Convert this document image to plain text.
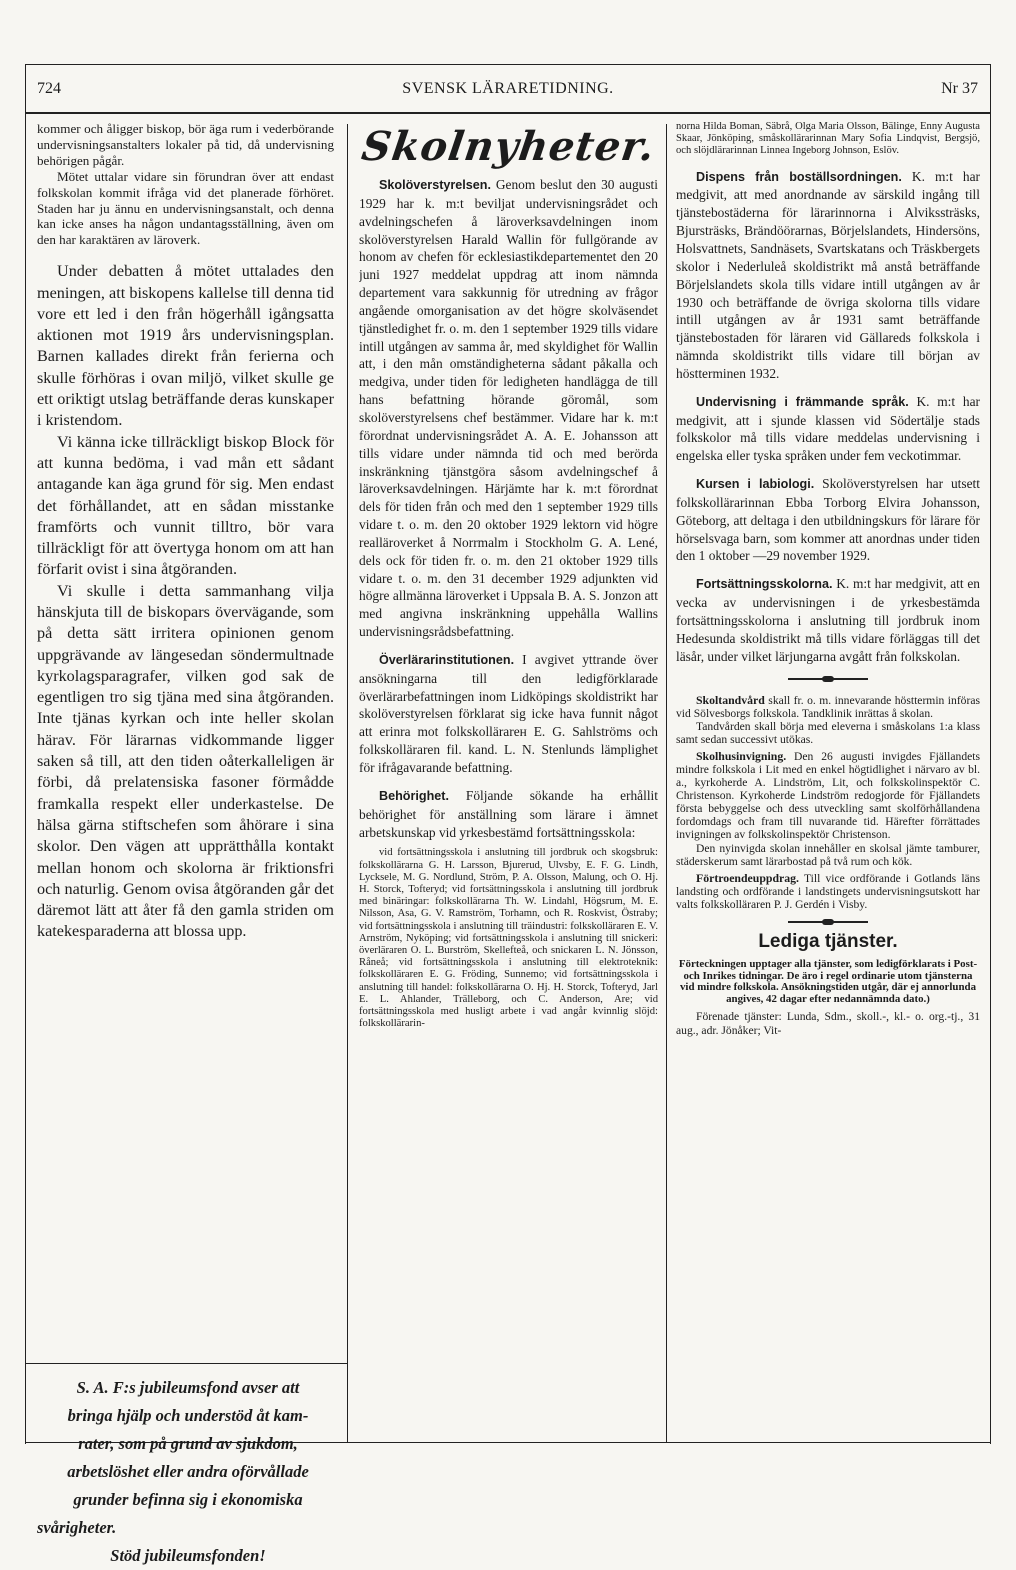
724	SVENSK LÄRARETIDNING.	Nr 37

kommer och åligger biskop, bör äga rum i vederbörande undervisningsanstalters lokaler på tid, då undervisning behörigen pågår.

Mötet uttalar vidare sin förundran över att endast folkskolan kommit ifråga vid det planerade förhöret. Staden har ju ännu en undervisningsanstalt, och denna kan icke anses ha någon undantagsställning, även om den har karaktären av läroverk.

Under debatten å mötet uttalades den meningen, att biskopens kallelse till denna tid vore ett led i den från högerhåll igångsatta aktionen mot 1919 års undervisningsplan. Barnen kallades direkt från ferierna och skulle förhöras i ovan miljö, vilket skulle ge ett oriktigt utslag beträffande deras kunskaper i kristendom.

Vi känna icke tillräckligt biskop Block för att kunna bedöma, i vad mån ett sådant antagande kan äga grund för sig. Men endast det förhållandet, att en sådan misstanke framförts och vunnit tilltro, bör vara tillräckligt för att övertyga honom om att han förfarit ovist i sina åtgöranden.

Vi skulle i detta sammanhang vilja hänskjuta till de biskopars övervägande, som på detta sätt irritera opinionen genom uppgrävande av längesedan söndermultnade kyrkolagsparagrafer, vilken god sak de egentligen tro sig tjäna med sina åtgöranden. Inte tjänas kyrkan och inte heller skolan härav. För lärarnas vidkommande ligger saken så till, att den tiden oåterkalleligen är förbi, då prelatensiska fasoner förmådde framkalla respekt eller underkastelse. De hälsa gärna stiftschefen som åhörare i sina skolor. Den vägen att upprätthålla kontakt mellan honom och skolorna är friktionsfri och naturlig. Genom ovisa åtgöranden går det däremot lätt att åter få den gamla striden om katekesparaderna att blossa upp.

S. A. F:s jubileumsfond avser att
bringa hjälp och understöd åt kam-
rater, som på grund av sjukdom,
arbetslöshet eller andra oförvållade
grunder befinna sig i ekonomiska
svårigheter.
Stöd jubileumsfonden!
Skolnyheter.

Skolöverstyrelsen. Genom beslut den 30 augusti 1929 har k. m:t beviljat undervisningsrådet och avdelningschefen å läroverksavdelningen inom skolöverstyrelsen Harald Wallin för fullgörande av honom av chefen för ecklesiastikdepartementet den 20 juni 1927 meddelat uppdrag att inom nämnda departement vara sakkunnig för utredning av frågor angående omorganisation av det högre skolväsendet tjänstledighet fr. o. m. den 1 september 1929 tills vidare intill utgången av samma år, med skyldighet för Wallin att, i den mån omständigheterna sådant påkalla och medgiva, under tiden för ledigheten handlägga de till hans befattning hörande göromål, som skolöverstyrelsens chef bestämmer. Vidare har k. m:t förordnat undervisningsrådet A. A. E. Johansson att tills vidare under nämnda tid och med berörda inskränkning tjänstgöra såsom avdelningschef å läroverksavdelningen. Härjämte har k. m:t förordnat dels för tiden från och med den 1 september 1929 tills vidare t. o. m. den 20 oktober 1929 lektorn vid högre realläroverket å Norrmalm i Stockholm G. A. Lené, dels ock för tiden fr. o. m. den 21 oktober 1929 tills vidare t. o. m. den 31 december 1929 adjunkten vid högre allmänna läroverket i Uppsala B. A. S. Jonzon att med angivna inskränkning uppehålla Wallins undervisningsrådsbefattning.

Överlärarinstitutionen. I avgivet yttrande över ansökningarna till den ledigförklarade överlärarbefattningen inom Lidköpings skoldistrikt har skolöverstyrelsen förklarat sig icke hava funnit något att erinra mot folkskollärarен E. G. Sahlströms och folkskolläraren fil. kand. L. N. Stenlunds lämplighet för ifrågavarande befattning.

Behörighet. Följande sökande ha erhållit behörighet för anställning som lärare i ämnet arbetskunskap vid yrkesbestämd fortsättningsskola:

vid fortsättningsskola i anslutning till jordbruk och skogsbruk: folkskollärarna G. H. Larsson, Bjurerud, Ulvsby, E. F. G. Lindh, Lycksele, M. G. Nordlund, Ström, P. A. Olsson, Malung, och O. Hj. H. Storck, Tofteryd; vid fortsättningsskola i anslutning till jordbruk med binäringar: folkskollärarna Th. W. Lindahl, Högsrum, M. E. Nilsson, Asa, G. V. Ramström, Torhamn, och R. Roskvist, Östraby; vid fortsättningsskola i anslutning till träindustri: folkskolläraren E. V. Arnström, Nyköping; vid fortsättningsskola i anslutning till snickeri: överläraren O. L. Burström, Skellefteå, och snickaren L. N. Jönsson, Råneå; vid fortsättningsskola i anslutning till elektroteknik: folkskolläraren E. G. Fröding, Sunnemo; vid fortsättningsskola i anslutning till handel: folkskollärarna O. Hj. H. Storck, Tofteryd, Jarl E. L. Ahlander, Trälleborg, och C. Anderson, Are; vid fortsättningsskola med husligt arbete i vad angår kvinnlig slöjd: folkskollärarin-

norna Hilda Boman, Säbrå, Olga Maria Olsson, Bälinge, Enny Augusta Skaar, Jönköping, småskollärarinnan Mary Sofia Lindqvist, Bergsjö, och slöjdlärarinnan Linnea Ingeborg Johnson, Eslöv.

Dispens från boställsordningen. K. m:t har medgivit, att med anordnande av särskild ingång till tjänstebostäderna för lärarinnorna i Alvikssträsks, Bjursträsks, Brändöörarnas, Börjelslandets, Hindersöns, Holsvattnets, Sandnäsets, Svartskatans och Träskbergets skolor i Nederluleå skoldistrikt må anstå beträffande Börjelslandets skola tills vidare intill utgången av år 1930 och beträffande de övriga skolorna tills vidare intill utgången av år 1931 samt beträffande tjänstebostaden för läraren vid Gällareds folkskola i nämnda skoldistrikt tills vidare till början av höstterminen 1932.

Undervisning i främmande språk. K. m:t har medgivit, att i sjunde klassen vid Södertälje stads folkskolor må tills vidare meddelas undervisning i engelska eller tyska språken under fem veckotimmar.

Kursen i labiologi. Skolöverstyrelsen har utsett folkskollärarinnan Ebba Torborg Elvira Johansson, Göteborg, att deltaga i den utbildningskurs för lärare för hörselsvaga barn, som kommer att anordnas under tiden den 1 oktober —29 november 1929.

Fortsättningsskolorna. K. m:t har medgivit, att en vecka av undervisningen i de yrkesbestämda fortsättningsskolorna i anslutning till jordbruk inom Hedesunda skoldistrikt må tills vidare förläggas till det läsår, under vilket lärjungarna avgått från folkskolan.

Skoltandvård skall fr. o. m. innevarande hösttermin införas vid Sölvesborgs folkskola. Tandklinik inrättas å skolan.

Tandvården skall börja med eleverna i småskolans 1:a klass samt sedan successivt utökas.

Skolhusinvigning. Den 26 augusti invigdes Fjällandets mindre folkskola i Lit med en enkel högtidlighet i närvaro av bl. a., kyrkoherde A. Lindström, Lit, och folkskolinspektör C. Christenson. Kyrkoherde Lindström redogjorde för Fjällandets första bebyggelse och dess utveckling samt skolförhållandena fordomdags och fram till nuvarande tid. Härefter förrättades invigningen av folkskolinspektör Christenson.

Den nyinvigda skolan innehåller en skolsal jämte tamburer, städerskerum samt lärarbostad på två rum och kök.

Förtroendeuppdrag. Till vice ordförande i Gotlands läns landsting och ordförande i landstingets undervisningsutskott har valts folkskolläraren P. J. Gerdén i Visby.

Lediga tjänster.

Förteckningen upptager alla tjänster, som ledigförklarats i Post- och Inrikes tidningar. De äro i regel ordinarie utom tjänsterna vid mindre folkskola. Ansökningstiden utgår, där ej annorlunda angives, 42 dagar efter nedannämnda dato.)

Förenade tjänster: Lunda, Sdm., skoll.-, kl.- o. org.-tj., 31 aug., adr. Jönåker; Vit-
